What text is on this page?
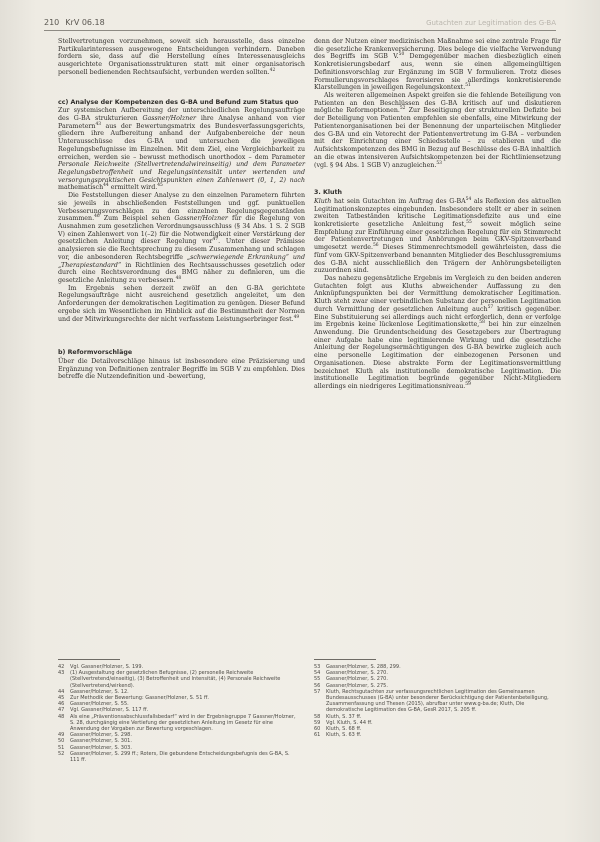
210 KrV 06.18	Gutachten zur Legitimation des G-BA

Stellvertretungen vorzunehmen, soweit sich herausstelle, dass einzelne Partikularinteressen ausgewogene Entscheidungen verhindern. Daneben fordern sie, dass auf die Herstellung eines Interessenausgleichs ausgerichtete Organisationsstrukturen statt mit einer organisatorisch personell bedienenden Rechtsaufsicht, verbunden werden sollten.$^{42}$

cc) Analyse der Kompetenzen des G-BA und Befund zum Status quo

Zur systemischen Aufbereitung der unterschiedlichen Regelungsaufträge des G-BA strukturieren Gassner/Holzner ihre Analyse anhand von vier Parametern$^{43}$ aus der Bewertungsmatrix des Bundesverfassungsgerichts, gliedern ihre Aufbereitung anhand der Aufgabenbereiche der neun Unterausschüsse des G-BA und untersuchen die jeweiligen Regelungsbefugnisse im Einzelnen. Mit dem Ziel, eine Vergleichbarkeit zu erreichen, werden sie – bewusst methodisch unorthodox – dem Parameter Personale Reichweite (Stellvertretendalwireinseitig) und dem Parameter Regelungsbetroffenheit und Regelungsintensität unter wertenden und versorgungspraktischen Gesichtspunkten einen Zahlenwert (0, 1, 2) nach mathematisch$^{44}$ ermittelt wird.$^{45}$

Die Feststellungen dieser Analyse zu den einzelnen Parametern führten sie jeweils in abschließenden Feststellungen und ggf. punktuellen Verbesserungsvorschlägen zu den einzelnen Regelungsgegenständen zusammen.$^{46}$ Zum Beispiel sehen Gassner/Holzner für die Regelung von Ausnahmen zum gesetzlichen Verordnungsausschluss (§ 34 Abs. 1 S. 2 SGB V) einen Zahlenwert von 1(–2) für die Notwendigkeit einer Verstärkung der gesetzlichen Anleitung dieser Regelung vor$^{47}$. Unter dieser Prämisse analysieren sie die Rechtsprechung zu diesem Zusammenhang und schlagen vor, die anbesonderen Rechtsbegriffe „schwerwiegende Erkrankung“ und „Therapiestandard“ in Richtlinien des Rechtsausschusses gesetzlich oder durch eine Rechtsverordnung des BMG näher zu definieren, um die gesetzliche Anleitung zu verbessern.$^{48}$

Im Ergebnis sehen derzeit zwölf an den G-BA gerichtete Regelungsaufträge nicht ausreichend gesetzlich angeleitet, um den Anforderungen der demokratischen Legitimation zu genügen. Dieser Befund ergebe sich im Wesentlichen im Hinblick auf die Bestimmtheit der Normen und der Mitwirkungsrechte der nicht verfasstem Leistungserbringer fest.$^{49}$

b) Reformvorschläge

Über die Detailvorschläge hinaus ist insbesondere eine Präzisierung und Ergänzung von Definitionen zentraler Begriffe im SGB V zu empfehlen. Dies betreffe die Nutzendefinition und -bewertung,

denn der Nutzen einer medizinischen Maßnahme sei eine zentrale Frage für die gesetzliche Krankenversicherung. Dies belege die vielfache Verwendung des Begriffs im SGB V.$^{50}$ Demgegenüber machen diesbezüglich einen Konkretisierungsbedarf aus, wenn sie einen allgemeingültigen Definitionsvorschlag zur Ergänzung im SGB V formulieren. Trotz dieses Formulierungsvorschlages favorisieren sie allerdings konkretisierende Klarstellungen in jeweiligen Regelungskontext.$^{51}$

Als weiteren allgemeinen Aspekt greifen sie die fehlende Beteiligung von Patienten an den Beschlüssen des G-BA kritisch auf und diskutieren mögliche Reformoptionen.$^{52}$ Zur Beseitigung der strukturellen Defizite bei der Beteiligung von Patienten empfehlen sie ebenfalls, eine Mitwirkung der Patientenorganisationen bei der Benennung der unparteiischen Mitglieder des G-BA und ein Vetorecht der Patientenvertretung im G-BA – verbunden mit der Einrichtung einer Schiedsstelle – zu etablieren und die Aufsichtskompetenzen des BMG in Bezug auf Beschlüsse des G-BA inhaltlich an die etwas intensiveren Aufsichtskompetenzen bei der Richtliniensetzung (vgl. § 94 Abs. 1 SGB V) anzugleichen.$^{53}$

3. Kluth

Kluth hat sein Gutachten im Auftrag des G-BA$^{54}$ als Reflexion des aktuellen Legitimationskonzeptes eingebunden. Insbesondere stellt er aber in seinen zweiten Tatbeständen kritische Legitimationsdefizite aus und eine konkretisierte gesetzliche Anleitung fest,$^{55}$ soweit möglich seine Empfehlung zur Einführung einer gesetzlichen Regelung für ein Stimmrecht der Patientenvertretungen und Anhörungen beim GKV-Spitzenverband umgesetzt werde.$^{56}$ Dieses Stimmenrechtsmodell gewährleisten, dass die fünf vom GKV-Spitzenverband benannten Mitglieder des Beschlussgremiums des G-BA nicht ausschließlich den Trägern der Anhörungsbeteiligten zuzuordnen sind.

Das nahezu gegensätzliche Ergebnis im Vergleich zu den beiden anderen Gutachten folgt aus Kluths abweichender Auffassung zu den Anknüpfungspunkten bei der Vermittlung demokratischer Legitimation. Kluth steht zwar einer verbindlichen Substanz der personellen Legitimation durch Vermittlung der gesetzlichen Anleitung auch$^{57}$ kritisch gegenüber. Eine Substituierung sei allerdings auch nicht erforderlich, denn er verfolge im Ergebnis keine lückenlose Legitimationskette,$^{58}$ bei hin zur einzelnen Anwendung. Die Grundentscheidung des Gesetzgebers zur Übertragung einer Aufgabe habe eine legitimierende Wirkung und die gesetzliche Anleitung der Regelungsermächtigungen des G-BA bewirke zugleich auch eine personelle Legitimation der einbezogenen Personen und Organisationen. Diese abstrakte Form der Legitimationsvermittlung bezeichnet Kluth als institutionelle demokratische Legitimation. Die institutionelle Legitimation begründe gegenüber Nicht-Mitgliedern allerdings ein niedrigeres Legitimationsniveau.$^{59}$

42	Vgl. Gassner/Holzner, S. 199.
43	(1) Ausgestaltung der gesetzlichen Befugnisse, (2) personelle Reichweite (Stellvertretend/einseitig), (3) Betroffenheit und Intensität, (4) Personale Reichweite (Stellvertretend/wirkend).
44	Gassner/Holzner, S. 12.
45	Zur Methodik der Bewertung: Gassner/Holzner, S. 51 ff.
46	Gassner/Holzner, S. 55.
47	Vgl. Gassner/Holzner, S. 117 ff.
48	Als eine „Präventionsabschlussfallsbedarf“ wird in der Ergebnisgruppe 7 Gassner/Holzner, S. 28, durchgängig eine Vertiefung der gesetzlichen Anleitung im Gesetz für eine Anwendung der Vorgaben zur Bewertung vorgeschlagen.
49	Gassner/Holzner, S. 298.
50	Gassner/Holzner, S. 301.
51	Gassner/Holzner, S. 303.
52	Gassner/Holzner, S. 299 ff.; Roters, Die gebundene Entscheidungsbefugnis des G-BA, S. 111 ff.
53	Gassner/Holzner, S. 288, 299.
54	Gassner/Holzner, S. 270.
55	Gassner/Holzner, S. 270.
56	Gassner/Holzner, S. 275.
57	Kluth, Rechtsgutachten zur verfassungsrechtlichen Legitimation des Gemeinsamen Bundesausschusses (G-BA) unter besonderer Berücksichtigung der Patientenbeteiligung, Zusammenfassung und Thesen (2015), abrufbar unter www.g-ba.de; Kluth, Die demokratische Legitimation des G-BA, GesR 2017, S. 205 ff.
58	Kluth, S. 37 ff.
59	Vgl. Kluth, S. 44 ff.
60	Kluth, S. 68 ff.
61	Kluth, S. 63 ff.
